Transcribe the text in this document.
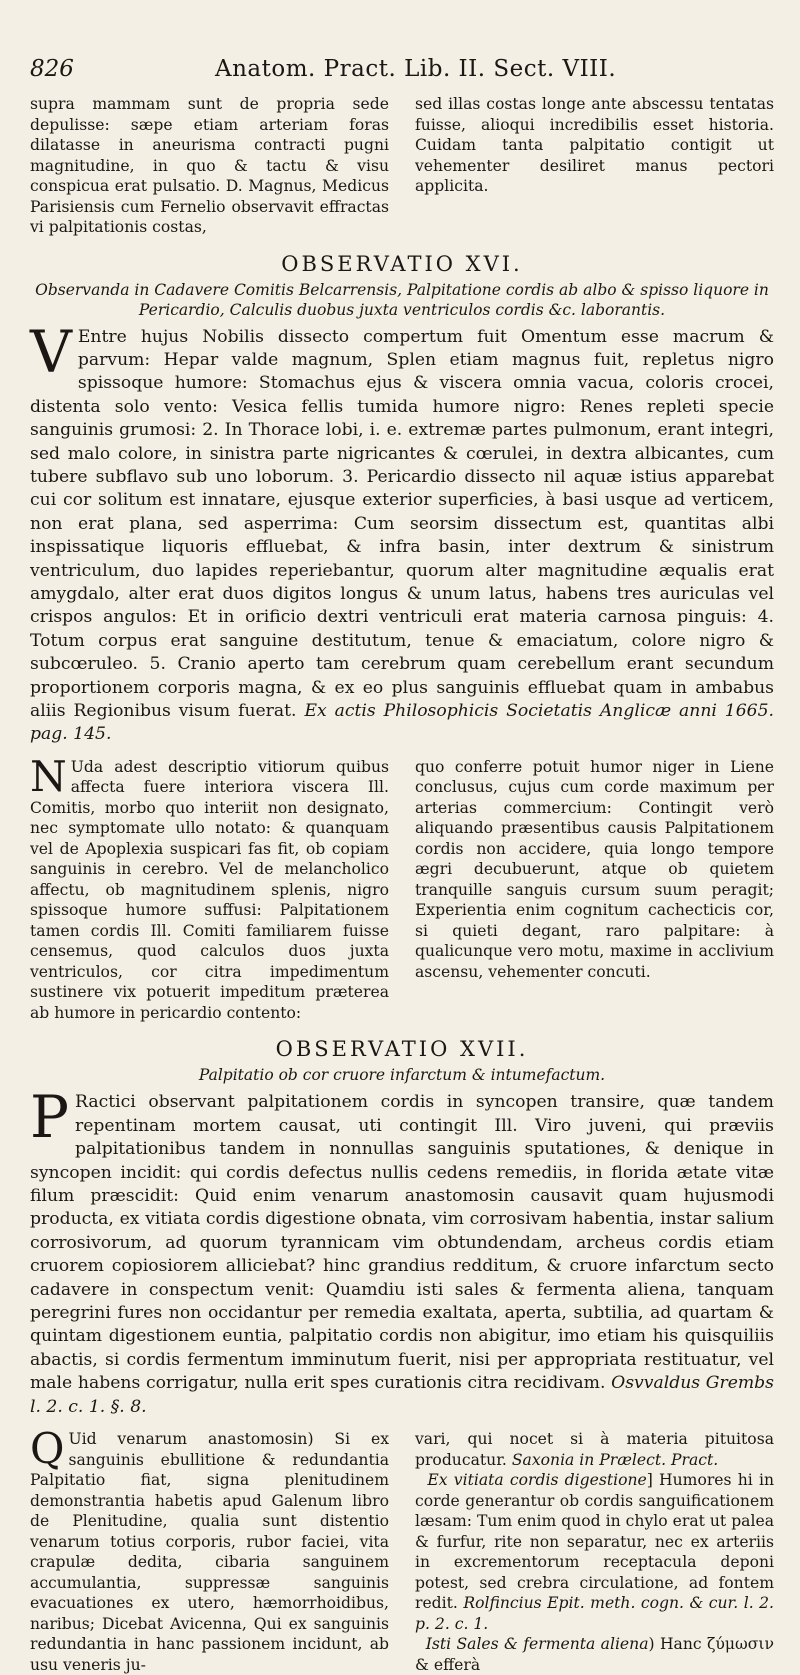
826	Anatom. Pract. Lib. II. Sect. VIII.

supra mammam sunt de propria sede depulisse: sæpe etiam arteriam foras dilatasse in aneurisma contracti pugni magnitudine, in quo & tactu & visu conspicua erat pulsatio. D. Magnus, Medicus Parisiensis cum Fernelio observavit effractas vi palpitationis costas,

sed illas costas longe ante abscessu tentatas fuisse, alioqui incredibilis esset historia. Cuidam tanta palpitatio contigit ut vehementer desiliret manus pectori applicita.

OBSERVATIO XVI.
Observanda in Cadavere Comitis Belcarrensis, Palpitatione cordis ab albo & spisso liquore in Pericardio, Calculis duobus juxta ventriculos cordis &c. laborantis.

V Entre hujus Nobilis dissecto compertum fuit Omentum esse macrum & parvum: Hepar valde magnum, Splen etiam magnus fuit, repletus nigro spissoque humore: Stomachus ejus & viscera omnia vacua, coloris crocei, distenta solo vento: Vesica fellis tumida humore nigro: Renes repleti specie sanguinis grumosi: 2. In Thorace lobi, i. e. extremæ partes pulmonum, erant integri, sed malo colore, in sinistra parte nigricantes & cœrulei, in dextra albicantes, cum tubere subflavo sub uno loborum. 3. Pericardio dissecto nil aquæ istius apparebat cui cor solitum est innatare, ejusque exterior superficies, à basi usque ad verticem, non erat plana, sed asperrima: Cum seorsim dissectum est, quantitas albi inspissatique liquoris effluebat, & infra basin, inter dextrum & sinistrum ventriculum, duo lapides reperiebantur, quorum alter magnitudine æqualis erat amygdalo, alter erat duos digitos longus & unum latus, habens tres auriculas vel crispos angulos: Et in orificio dextri ventriculi erat materia carnosa pinguis: 4. Totum corpus erat sanguine destitutum, tenue & emaciatum, colore nigro & subcœruleo. 5. Cranio aperto tam cerebrum quam cerebellum erant secundum proportionem corporis magna, & ex eo plus sanguinis effluebat quam in ambabus aliis Regionibus visum fuerat. Ex actis Philosophicis Societatis Anglicæ anni 1665. pag. 145.

N Uda adest descriptio vitiorum quibus affecta fuere interiora viscera Ill. Comitis, morbo quo interiit non designato, nec symptomate ullo notato: & quanquam vel de Apoplexia suspicari fas fit, ob copiam sanguinis in cerebro. Vel de melancholico affectu, ob magnitudinem splenis, nigro spissoque humore suffusi: Palpitationem tamen cordis Ill. Comiti familiarem fuisse censemus, quod calculos duos juxta ventriculos, cor citra impedimentum sustinere vix potuerit impeditum præterea ab humore in pericardio contento:

quo conferre potuit humor niger in Liene conclusus, cujus cum corde maximum per arterias commercium: Contingit verò aliquando præsentibus causis Palpitationem cordis non accidere, quia longo tempore ægri decubuerunt, atque ob quietem tranquille sanguis cursum suum peragit; Experientia enim cognitum cachecticis cor, si quieti degant, raro palpitare: à qualicunque vero motu, maxime in acclivium ascensu, vehementer concuti.

OBSERVATIO XVII.
Palpitatio ob cor cruore infarctum & intumefactum.

P Ractici observant palpitationem cordis in syncopen transire, quæ tandem repentinam mortem causat, uti contingit Ill. Viro juveni, qui præviis palpitationibus tandem in nonnullas sanguinis sputationes, & denique in syncopen incidit: qui cordis defectus nullis cedens remediis, in florida ætate vitæ filum præscidit: Quid enim venarum anastomosin causavit quam hujusmodi producta, ex vitiata cordis digestione obnata, vim corrosivam habentia, instar salium corrosivorum, ad quorum tyrannicam vim obtundendam, archeus cordis etiam cruorem copiosiorem alliciebat? hinc grandius redditum, & cruore infarctum secto cadavere in conspectum venit: Quamdiu isti sales & fermenta aliena, tanquam peregrini fures non occidantur per remedia exaltata, aperta, subtilia, ad quartam & quintam digestionem euntia, palpitatio cordis non abigitur, imo etiam his quisquiliis abactis, si cordis fermentum imminutum fuerit, nisi per appropriata restituatur, vel male habens corrigatur, nulla erit spes curationis citra recidivam. Osvvaldus Grembs l. 2. c. 1. §. 8.

Q Uid venarum anastomosin) Si ex sanguinis ebullitione & redundantia Palpitatio fiat, signa plenitudinem demonstrantia habetis apud Galenum libro de Plenitudine, qualia sunt distentio venarum totius corporis, rubor faciei, vita crapulæ dedita, cibaria sanguinem accumulantia, suppressæ sanguinis evacuationes ex utero, hæmorrhoidibus, naribus; Dicebat Avicenna, Qui ex sanguinis redundantia in hanc passionem incidunt, ab usu veneris ju-

vari, qui nocet si à materia pituitosa producatur. Saxonia in Prælect. Pract.

Ex vitiata cordis digestione] Humores hi in corde generantur ob cordis sanguificationem læsam: Tum enim quod in chylo erat ut palea & furfur, rite non separatur, nec ex arteriis in excrementorum receptacula deponi potest, sed crebra circulatione, ad fontem redit. Rolfincius Epit. meth. cogn. & cur. l. 2. p. 2. c. 1.

Isti Sales & fermenta aliena) Hanc ζύμωσιν & efferà
